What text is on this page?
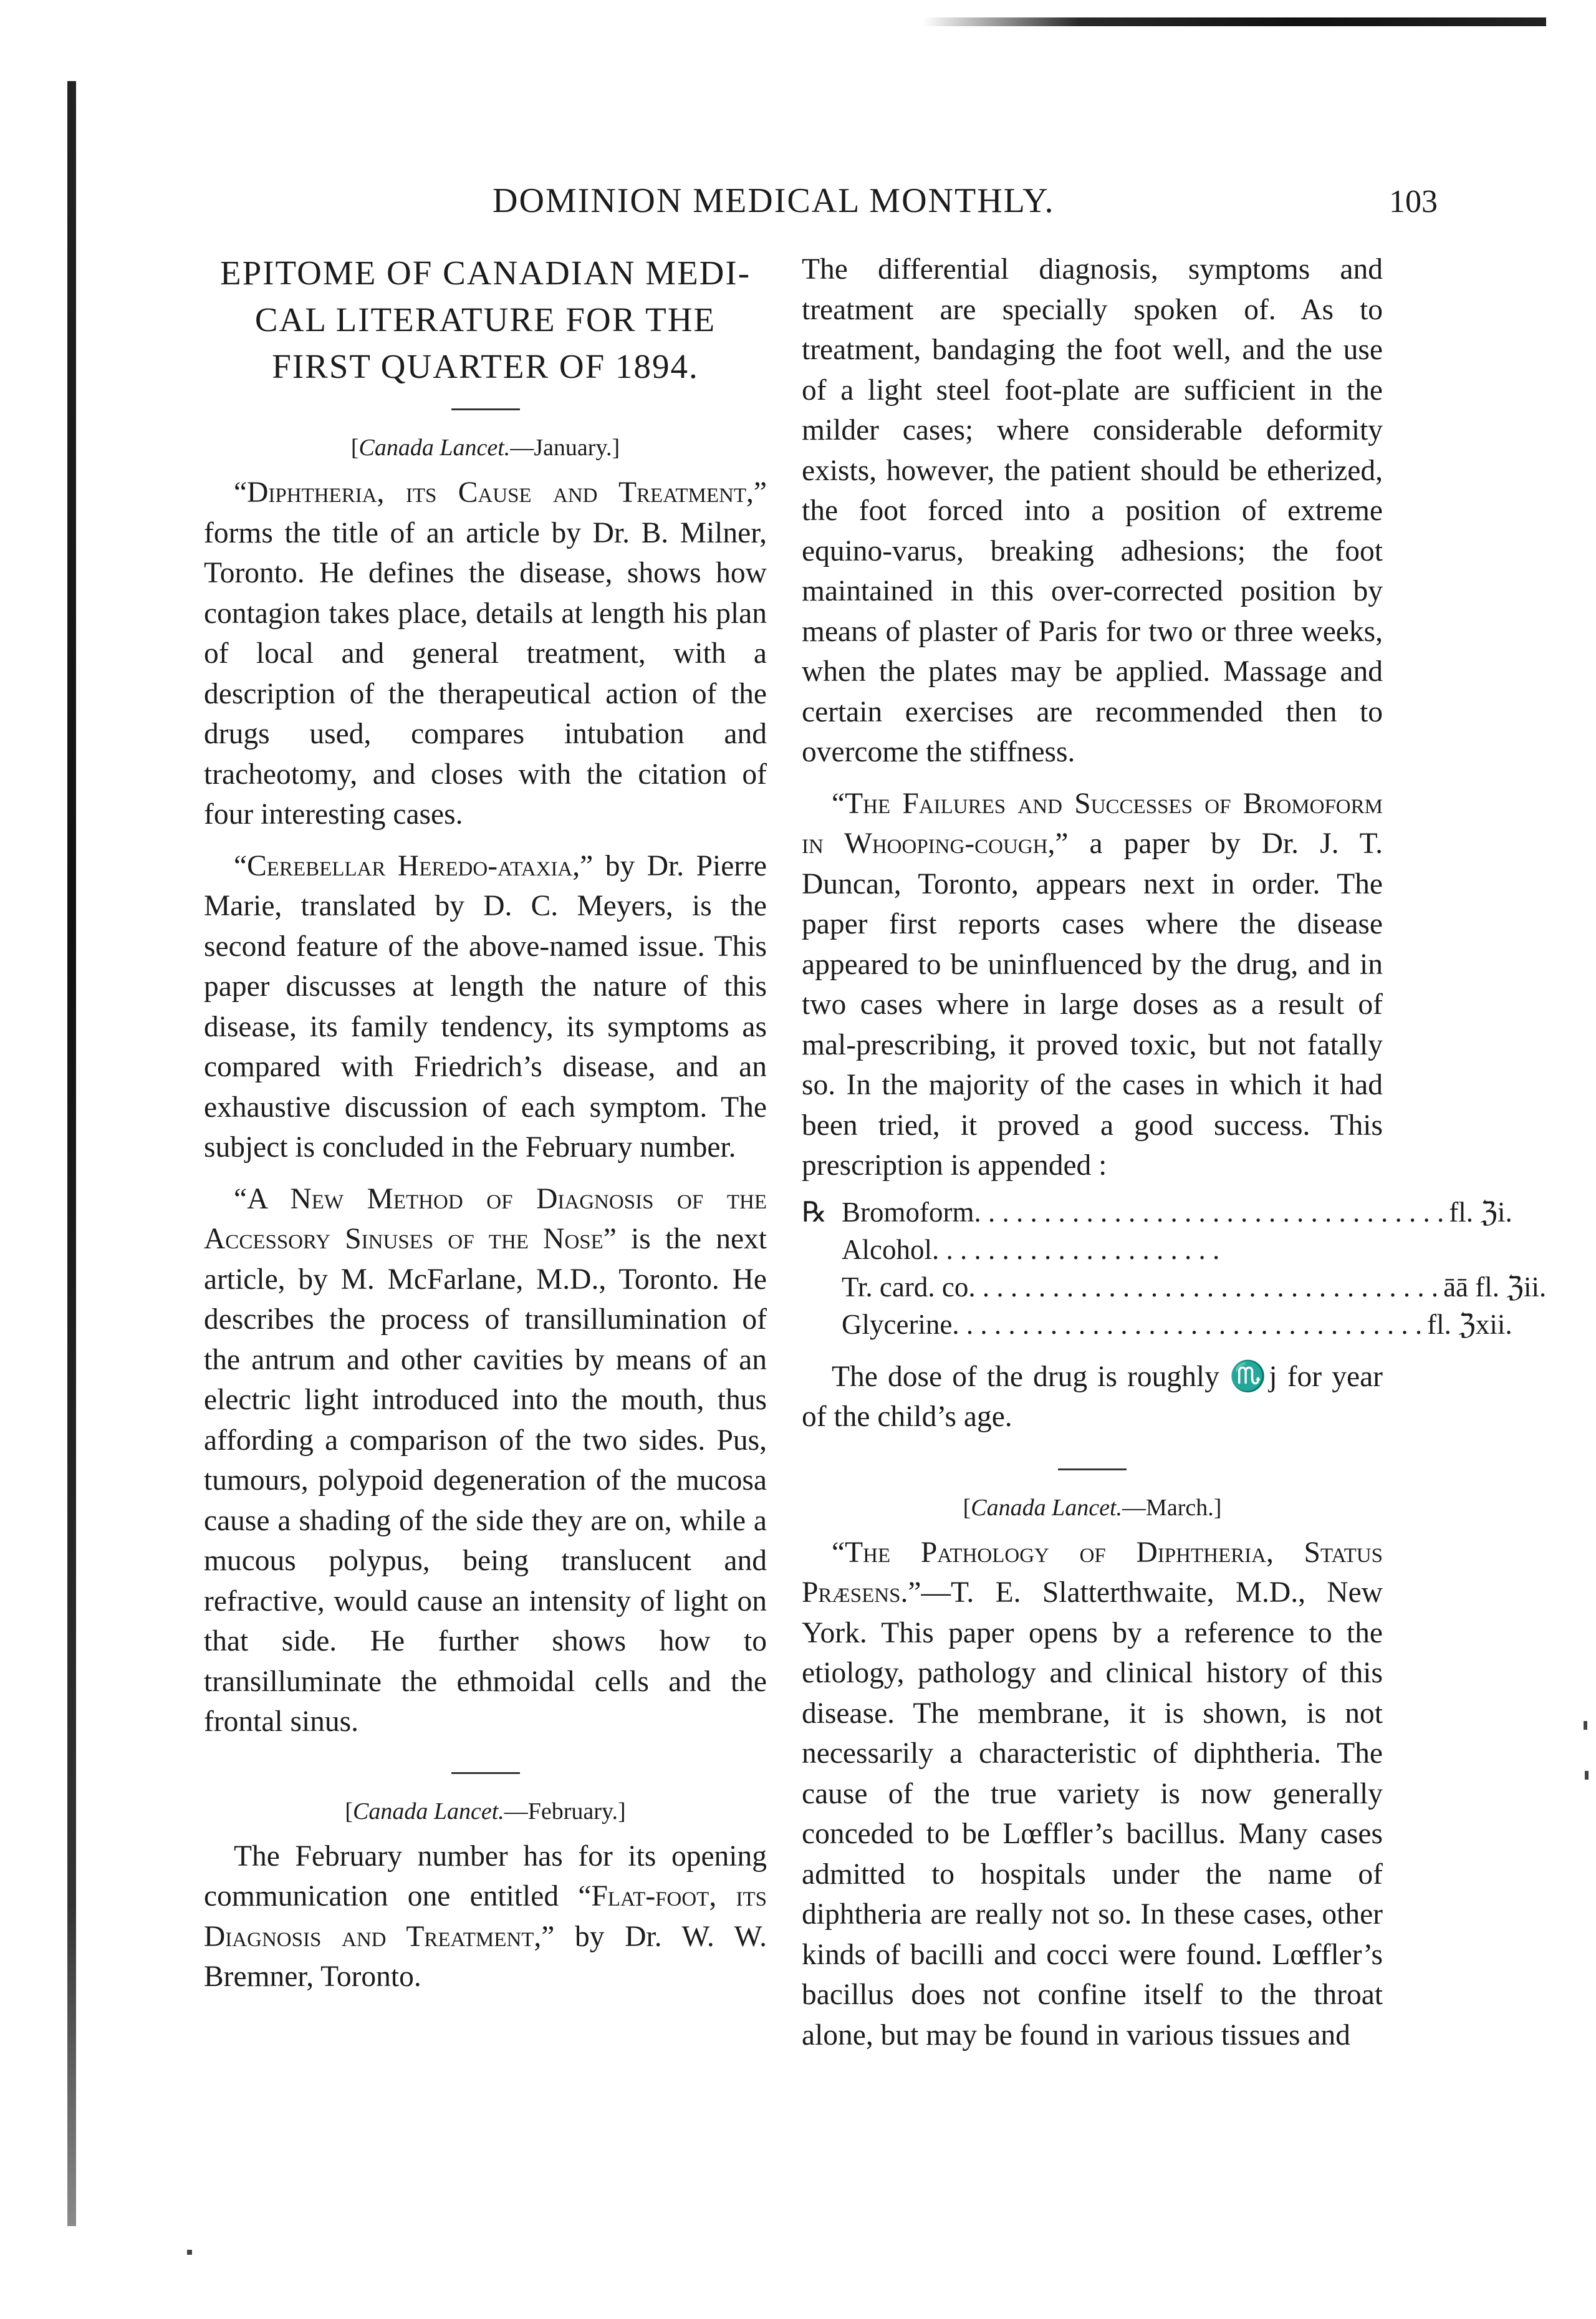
DOMINION MEDICAL MONTHLY.	103
EPITOME OF CANADIAN MEDI-CAL LITERATURE FOR THE FIRST QUARTER OF 1894.
[Canada Lancet.—January.]

“Diphtheria, its Cause and Treatment,” forms the title of an article by Dr. B. Milner, Toronto. He defines the disease, shows how contagion takes place, details at length his plan of local and general treatment, with a description of the therapeutical action of the drugs used, compares intubation and tracheotomy, and closes with the citation of four interesting cases.

“Cerebellar Heredo-ataxia,” by Dr. Pierre Marie, translated by D. C. Meyers, is the second feature of the above-named issue. This paper discusses at length the nature of this disease, its family tendency, its symptoms as compared with Friedrich’s disease, and an exhaustive discussion of each symptom. The subject is concluded in the February number.

“A New Method of Diagnosis of the Accessory Sinuses of the Nose” is the next article, by M. McFarlane, M.D., Toronto. He describes the process of transillumination of the antrum and other cavities by means of an electric light introduced into the mouth, thus affording a comparison of the two sides. Pus, tumours, polypoid degeneration of the mucosa cause a shading of the side they are on, while a mucous polypus, being translucent and refractive, would cause an intensity of light on that side. He further shows how to transilluminate the ethmoidal cells and the frontal sinus.

[Canada Lancet.—February.]

The February number has for its opening communication one entitled “Flat-foot, its Diagnosis and Treatment,” by Dr. W. W. Bremner, Toronto.

The differential diagnosis, symptoms and treatment are specially spoken of. As to treatment, bandaging the foot well, and the use of a light steel foot-plate are sufficient in the milder cases; where considerable deformity exists, however, the patient should be etherized, the foot forced into a position of extreme equino-varus, breaking adhesions; the foot maintained in this over-corrected position by means of plaster of Paris for two or three weeks, when the plates may be applied. Massage and certain exercises are recommended then to overcome the stiffness.

“The Failures and Successes of Bromoform in Whooping-cough,” a paper by Dr. J. T. Duncan, Toronto, appears next in order. The paper first reports cases where the disease appeared to be uninfluenced by the drug, and in two cases where in large doses as a result of mal-prescribing, it proved toxic, but not fatally so. In the majority of the cases in which it had been tried, it proved a good success. This prescription is appended :

℞ Bromoform . . . . . . . . . . . . . . . . . . . . . . . . . . . . . . . . . . fl. ℨi.
Alcohol . . . . . . . . . . . . . . . . . . . . .
Tr. card. co . . . . . . . . . . . . . . . . . . . . . . . . . . . . . . . . . . āā fl. ℨii.
Glycerine . . . . . . . . . . . . . . . . . . . . . . . . . . . . . . . . . . fl. ℨxii.

The dose of the drug is roughly ♏j for year of the child’s age.

[Canada Lancet.—March.]

“The Pathology of Diphtheria, Status Præsens.”—T. E. Slatterthwaite, M.D., New York. This paper opens by a reference to the etiology, pathology and clinical history of this disease. The membrane, it is shown, is not necessarily a characteristic of diphtheria. The cause of the true variety is now generally conceded to be Lœffler’s bacillus. Many cases admitted to hospitals under the name of diphtheria are really not so. In these cases, other kinds of bacilli and cocci were found. Lœffler’s bacillus does not confine itself to the throat alone, but may be found in various tissues and
